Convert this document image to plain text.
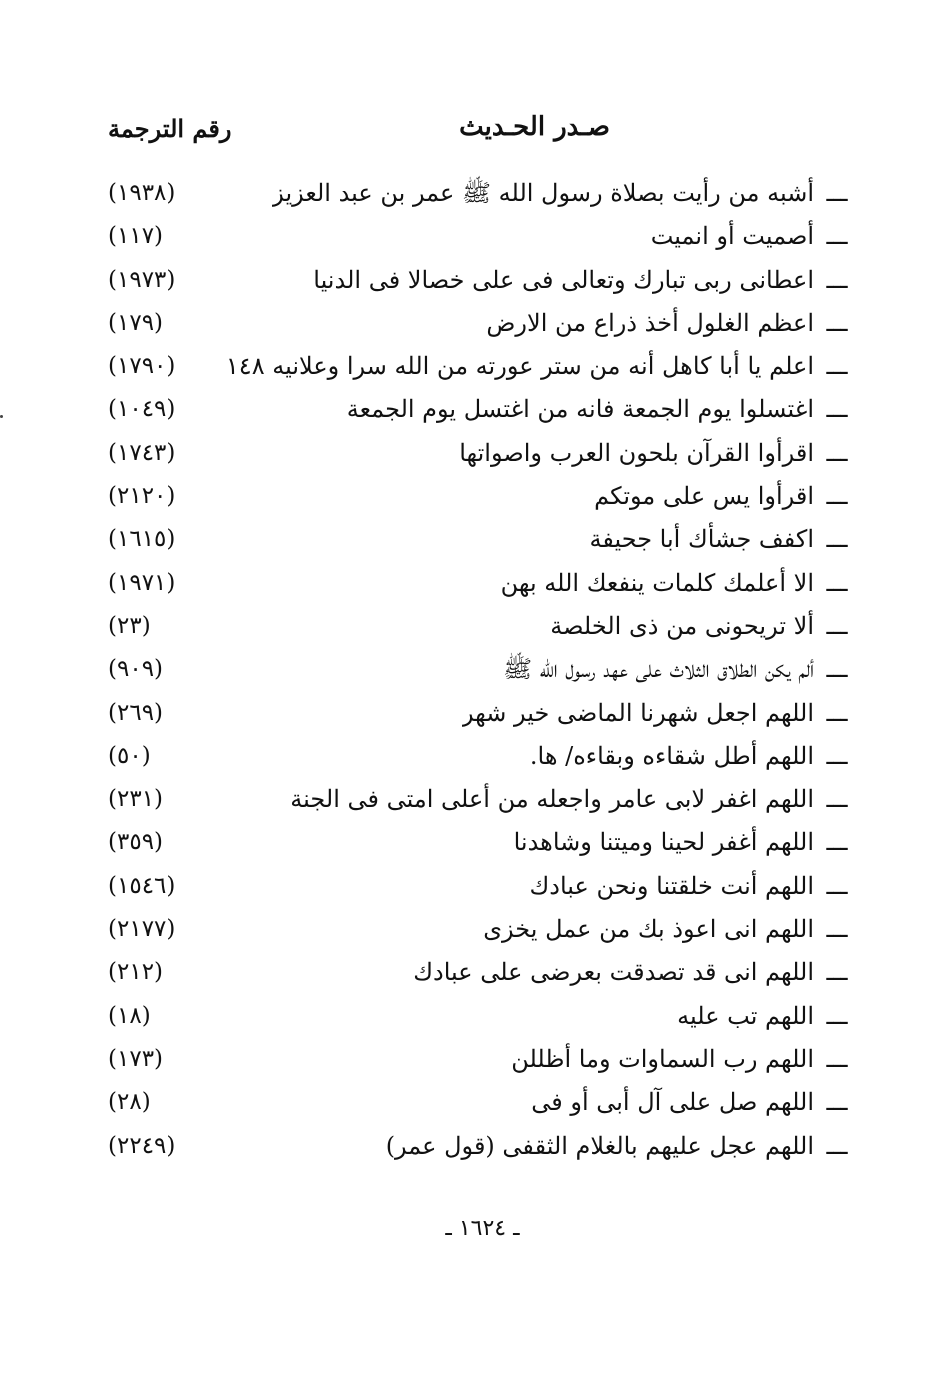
صـدر الحـديث
رقم الترجمة
ـــ
أشبه من رأيت بصلاة رسول الله ﷺ عمر بن عبد العزيز
(١٩٣٨)
ـــ
أصميت أو انميت
(١١٧)
ـــ
اعطانى ربى تبارك وتعالى فى على خصالا فى الدنيا
(١٩٧٣)
ـــ
اعظم الغلول أخذ ذراع من الارض
(١٧٩)
ـــ
اعلم يا أبا كاهل أنه من ستر عورته من الله سرا وعلانيه ١٤٨
(١٧٩٠)
ـــ
اغتسلوا يوم الجمعة فانه من اغتسل يوم الجمعة
(١٠٤٩)
ـــ
اقرأوا القرآن بلحون العرب واصواتها
(١٧٤٣)
ـــ
اقرأوا يس على موتكم
(٢١٢٠)
ـــ
اكفف جشأك أبا جحيفة
(١٦١٥)
ـــ
الا أعلمك كلمات ينفعك الله بهن
(١٩٧١)
ـــ
ألا تريحونى من ذى الخلصة
(٢٣)
ـــ
ألم يكن الطلاق الثلاث على عهد رسول الله ﷺ
(٩٠٩)
ـــ
اللهم اجعل شهرنا الماضى خير شهر
(٢٦٩)
ـــ
اللهم أطل شقاءه وبقاءه/ ها.
(٥٠)
ـــ
اللهم اغفر لابى عامر واجعله من أعلى امتى فى الجنة
(٢٣١)
ـــ
اللهم أغفر لحينا وميتنا وشاهدنا
(٣٥٩)
ـــ
اللهم أنت خلقتنا ونحن عبادك
(١٥٤٦)
ـــ
اللهم انى اعوذ بك من عمل يخزى
(٢١٧٧)
ـــ
اللهم انى قد تصدقت بعرضى على عبادك
(٢١٢)
ـــ
اللهم تب عليه
(١٨)
ـــ
اللهم رب السماوات وما أظللن
(١٧٣)
ـــ
اللهم صل على آل أبى أو فى
(٢٨)
ـــ
اللهم عجل عليهم بالغلام الثقفى (قول عمر)
(٢٢٤٩)
ـ ١٦٢٤ ـ
